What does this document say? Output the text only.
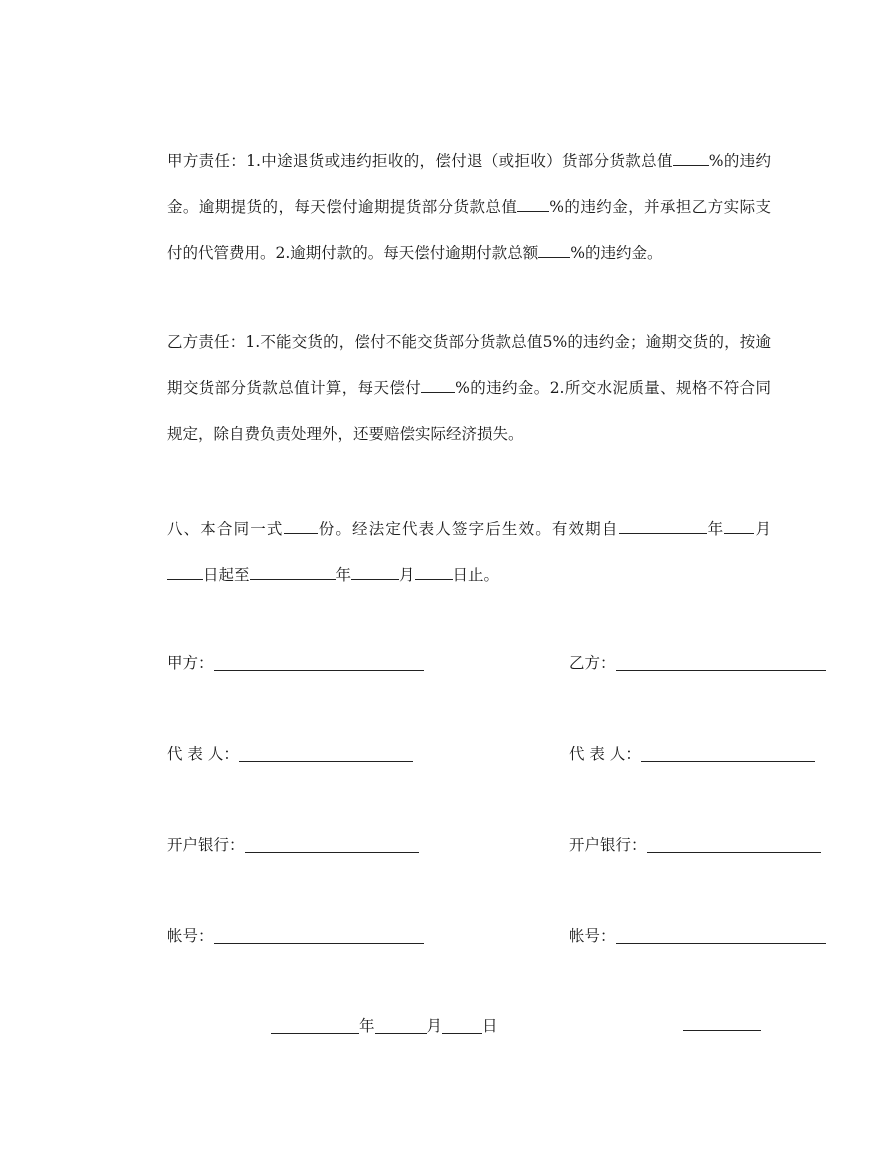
甲方责任：1.中途退货或违约拒收的，偿付退（或拒收）货部分货款总值 %的违约金。逾期提货的，每天偿付逾期提货部分货款总值 %的违约金，并承担乙方实际支付的代管费用。2.逾期付款的。每天偿付逾期付款总额 %的违约金。

乙方责任：1.不能交货的，偿付不能交货部分货款总值5%的违约金；逾期交货的，按逾期交货部分货款总值计算，每天偿付 %的违约金。2.所交水泥质量、规格不符合同规定，除自费负责处理外，还要赔偿实际经济损失。

八、本合同一式 份。经法定代表人签字后生效。有效期自	年 月日起至	年	月 日止。

甲方：
代 表 人：
开户银行：
帐号：
乙方：
代 表 人：
开户银行：
帐号：
年	月	日
